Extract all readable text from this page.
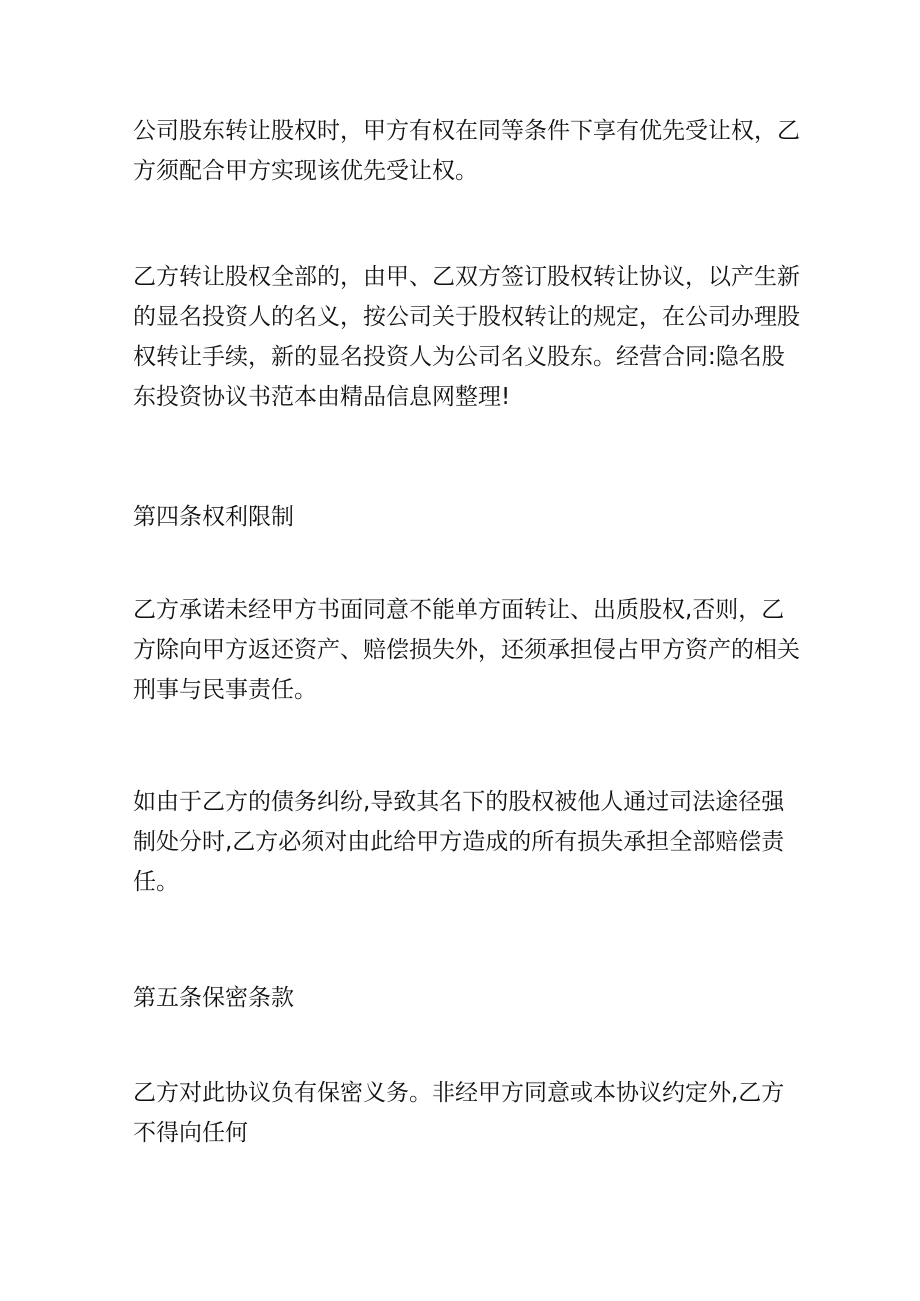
公司股东转让股权时，甲方有权在同等条件下享有优先受让权，乙
方须配合甲方实现该优先受让权。

乙方转让股权全部的，由甲、乙双方签订股权转让协议，以产生新
的显名投资人的名义，按公司关于股权转让的规定，在公司办理股
权转让手续，新的显名投资人为公司名义股东。经营合同:隐名股
东投资协议书范本由精品信息网整理!

第四条权利限制

乙方承诺未经甲方书面同意不能单方面转让、出质股权,否则，乙
方除向甲方返还资产、赔偿损失外，还须承担侵占甲方资产的相关
刑事与民事责任。

如由于乙方的债务纠纷,导致其名下的股权被他人通过司法途径强
制处分时,乙方必须对由此给甲方造成的所有损失承担全部赔偿责
任。

第五条保密条款

乙方对此协议负有保密义务。非经甲方同意或本协议约定外,乙方
不得向任何
